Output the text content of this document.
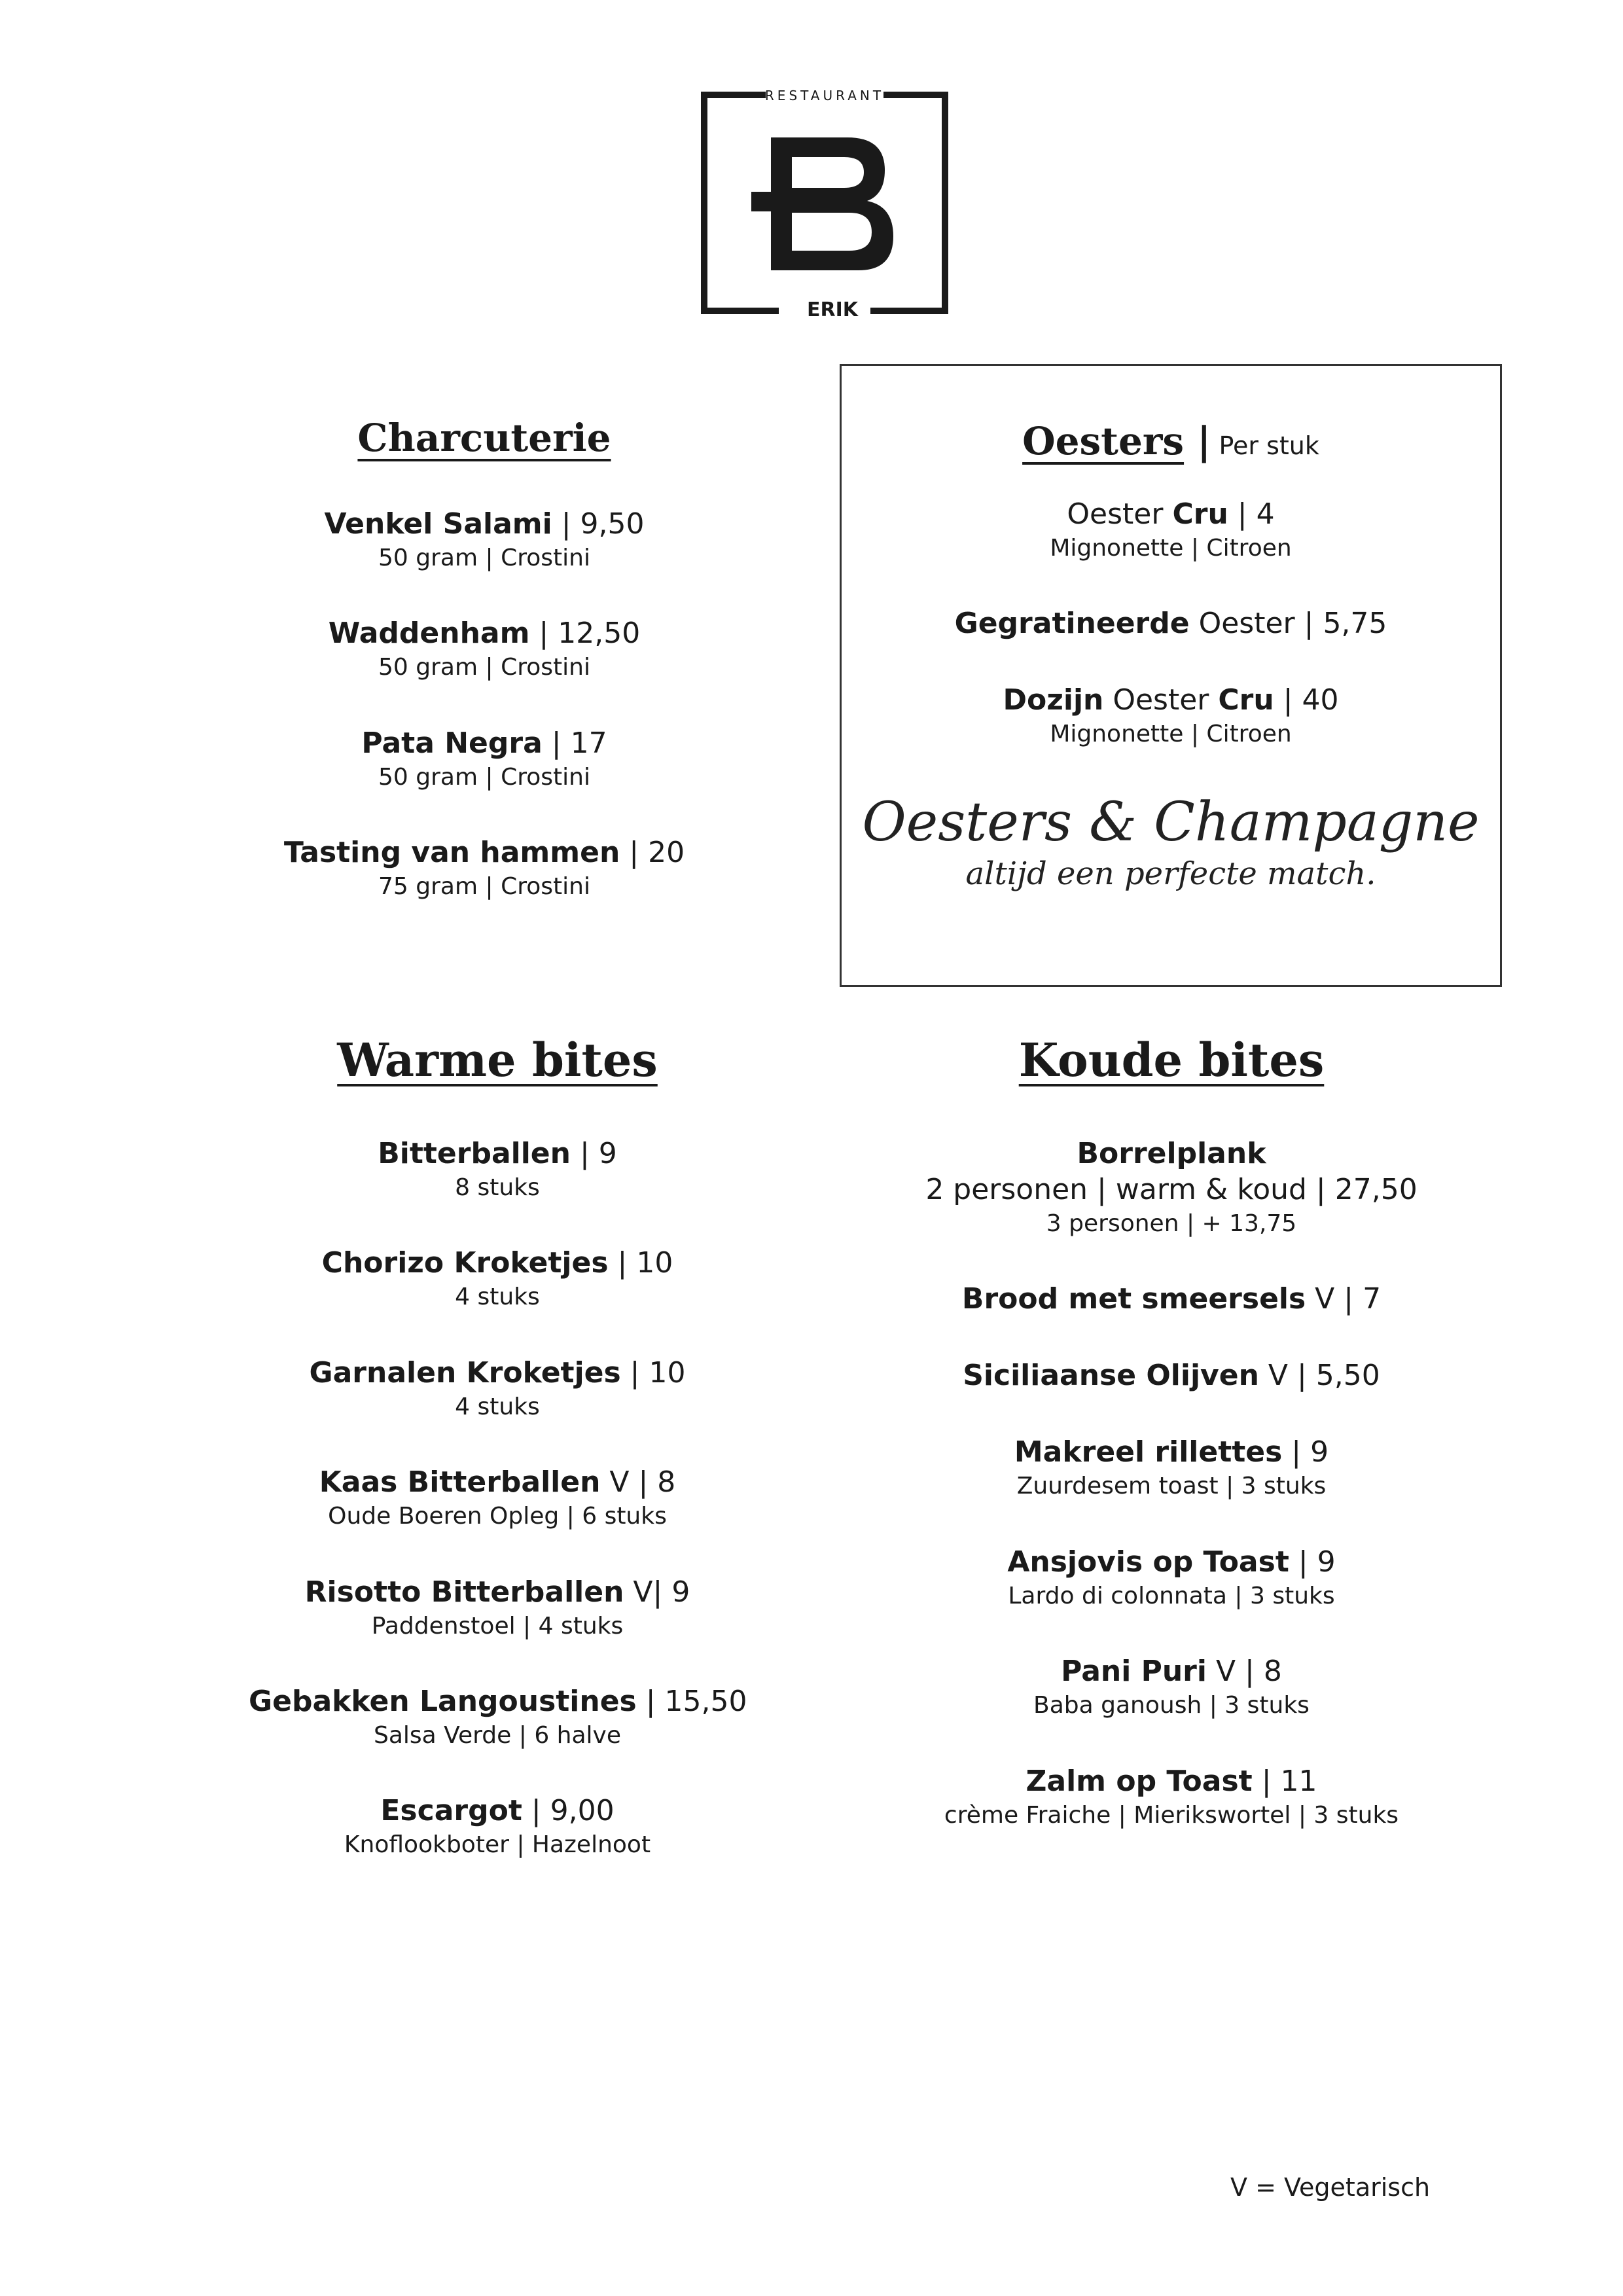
RESTAURANT
ERIK
Charcuterie
Venkel Salami | 9,50
50 gram | Crostini
Waddenham | 12,50
50 gram | Crostini
Pata Negra | 17
50 gram | Crostini
Tasting van hammen | 20
75 gram | Crostini
Oesters | Per stuk
Oester Cru | 4
Mignonette | Citroen
Gegratineerde Oester | 5,75
Dozijn Oester Cru | 40
Mignonette | Citroen
Oesters & Champagne
altijd een perfecte match.
Warme bites
Bitterballen | 9
8 stuks
Chorizo Kroketjes | 10
4 stuks
Garnalen Kroketjes | 10
4 stuks
Kaas Bitterballen V | 8
Oude Boeren Opleg | 6 stuks
Risotto Bitterballen V| 9
Paddenstoel | 4 stuks
Gebakken Langoustines | 15,50
Salsa Verde | 6 halve
Escargot | 9,00
Knoflookboter | Hazelnoot
Koude bites
Borrelplank
2 personen | warm & koud | 27,50
3 personen | + 13,75
Brood met smeersels V | 7
Siciliaanse Olijven V | 5,50
Makreel rillettes | 9
Zuurdesem toast | 3 stuks
Ansjovis op Toast | 9
Lardo di colonnata | 3 stuks
Pani Puri V | 8
Baba ganoush | 3 stuks
Zalm op Toast | 11
crème Fraiche | Mierikswortel | 3 stuks
V = Vegetarisch
